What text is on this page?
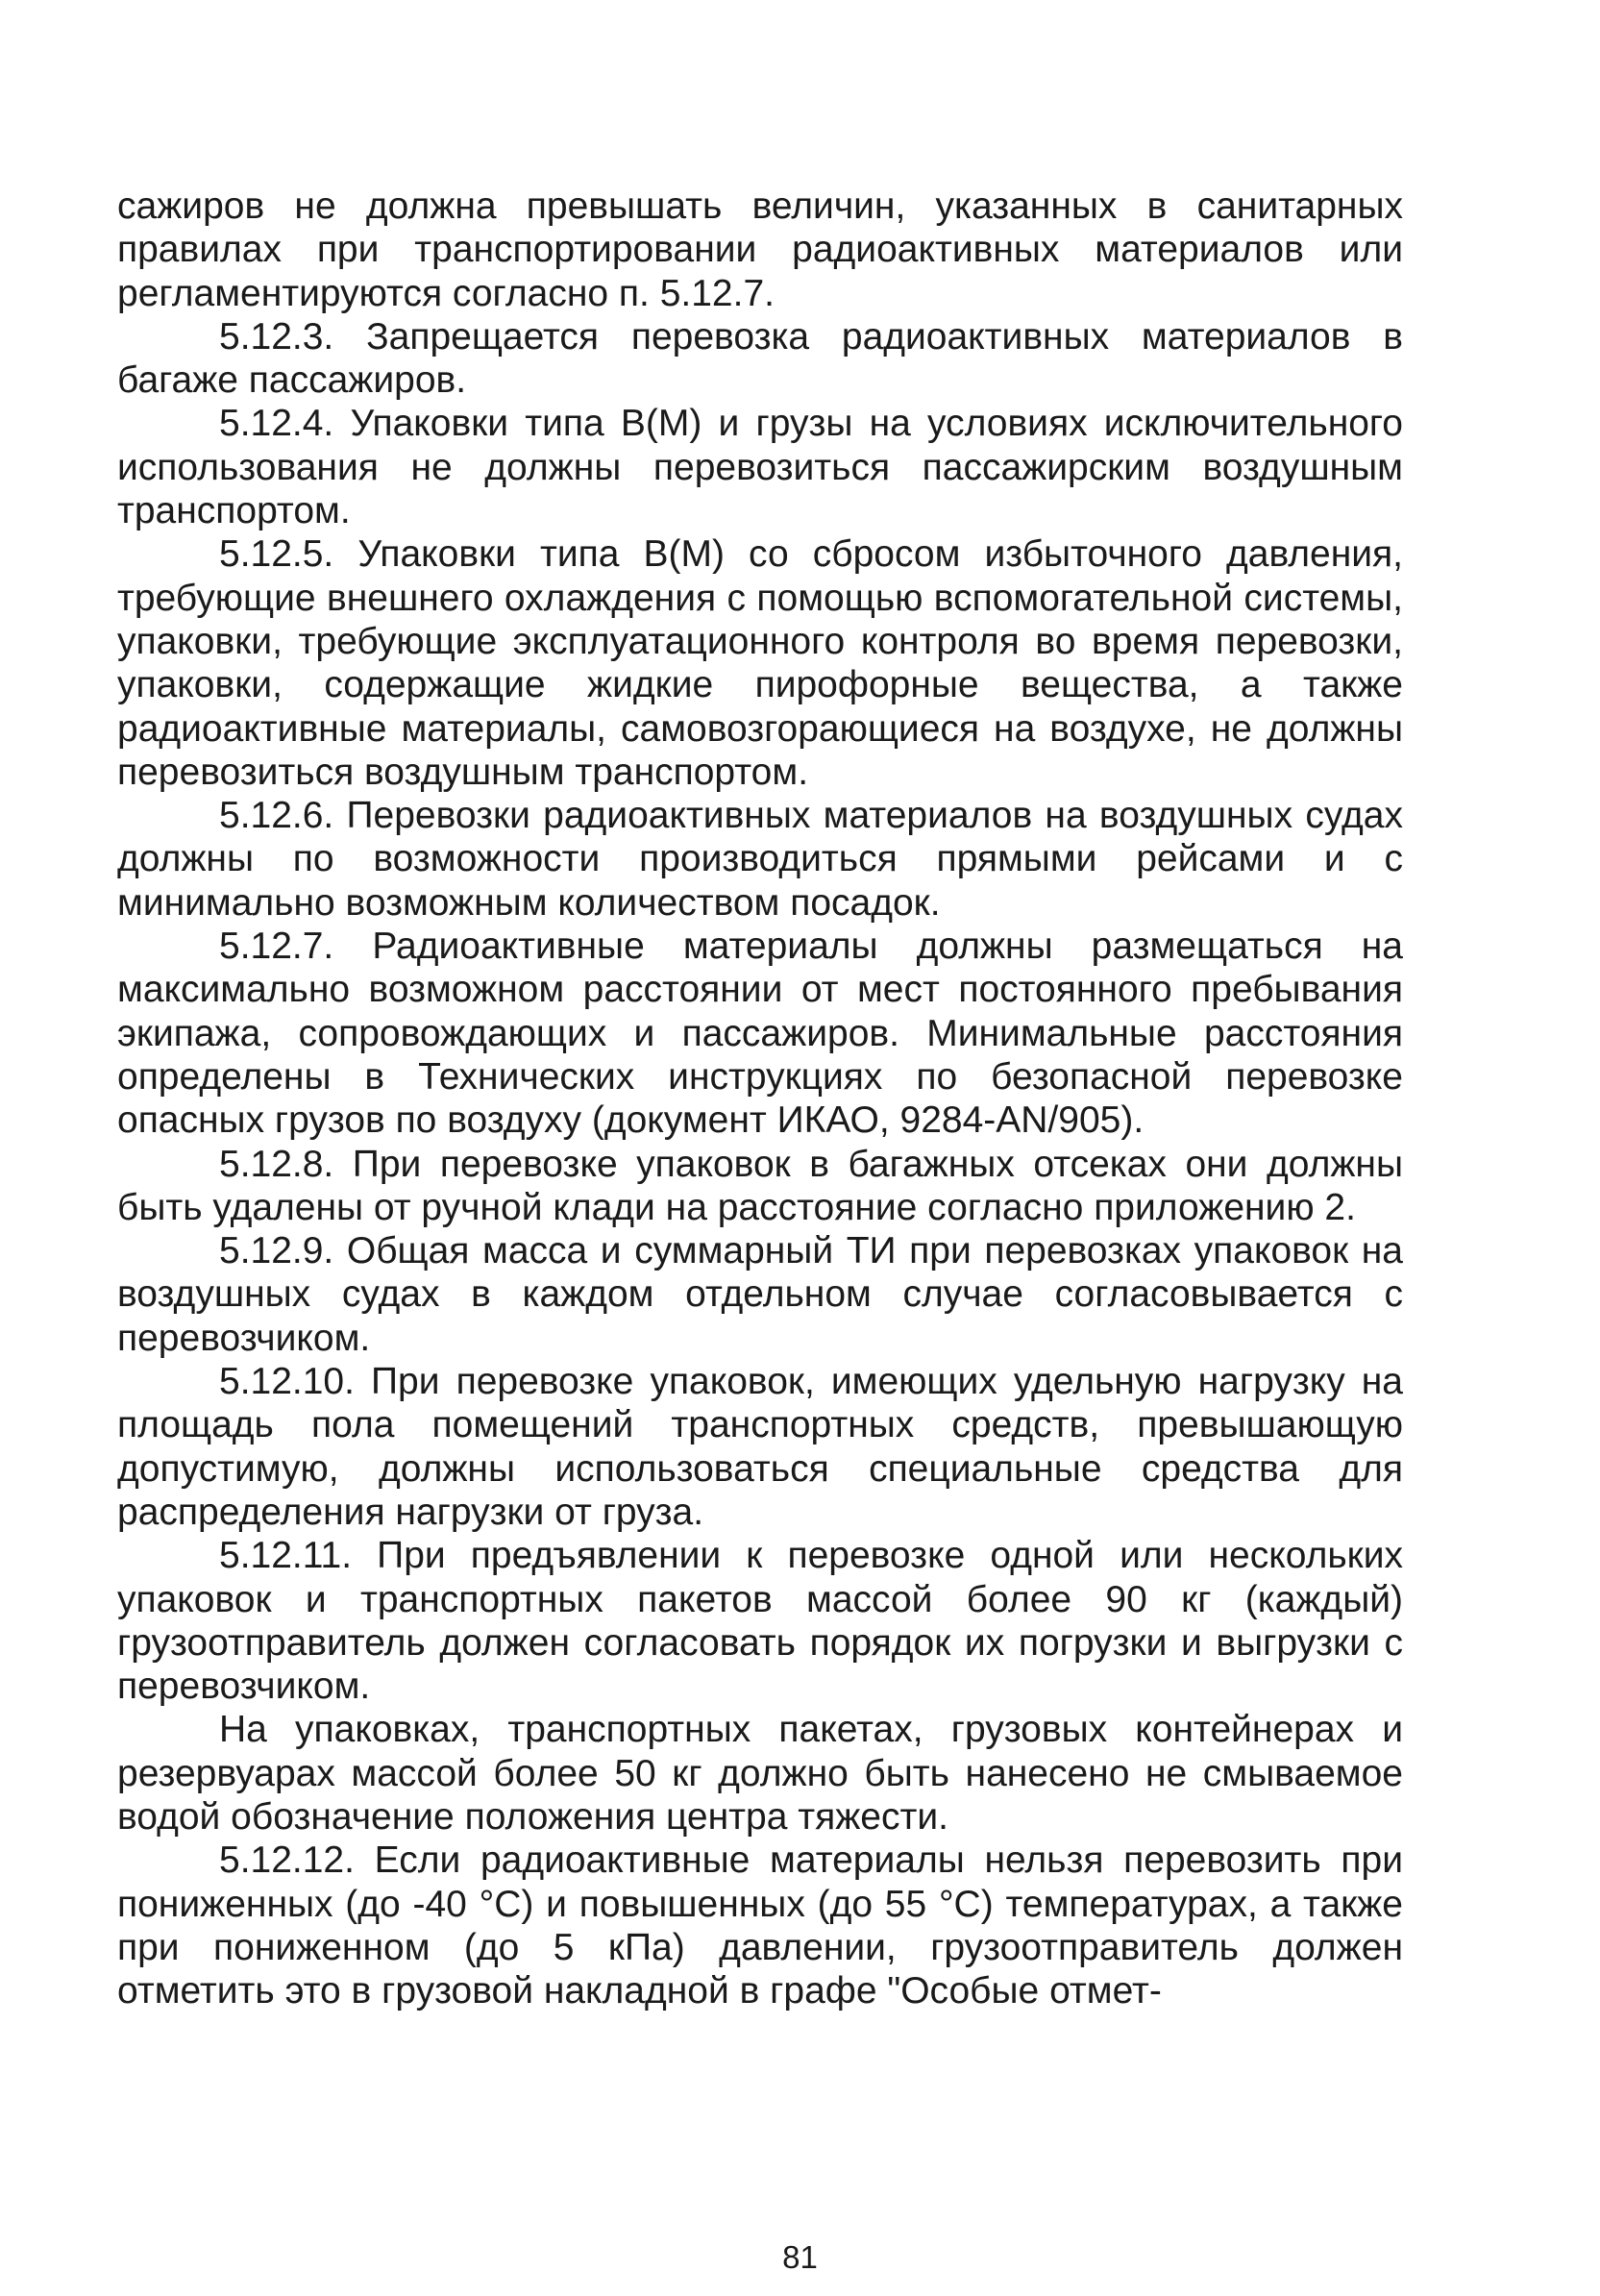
сажиров не должна превышать величин, указанных в санитарных правилах при транспортировании радиоактивных материалов или регламентируются согласно п. 5.12.7.

5.12.3. Запрещается перевозка радиоактивных материалов в багаже пассажиров.

5.12.4. Упаковки типа В(М) и грузы на условиях исключительного использования не должны перевозиться пассажирским воздушным транспортом.

5.12.5. Упаковки типа В(М) со сбросом избыточного давления, требующие внешнего охлаждения с помощью вспомогательной системы, упаковки, требующие эксплуатационного контроля во время перевозки, упаковки, содержащие жидкие пирофорные вещества, а также радиоактивные материалы, самовозгорающиеся на воздухе, не должны перевозиться воздушным транспортом.

5.12.6. Перевозки радиоактивных материалов на воздушных судах должны по возможности производиться прямыми рейсами и с минимально возможным количеством посадок.

5.12.7. Радиоактивные материалы должны размещаться на максимально возможном расстоянии от мест постоянного пребывания экипажа, сопровождающих и пассажиров. Минимальные расстояния определены в Технических инструкциях по безопасной перевозке опасных грузов по воздуху (документ ИКАО, 9284-AN/905).

5.12.8. При перевозке упаковок в багажных отсеках они должны быть удалены от ручной клади на расстояние согласно приложению 2.

5.12.9. Общая масса и суммарный ТИ при перевозках упаковок на воздушных судах в каждом отдельном случае согласовывается с перевозчиком.

5.12.10. При перевозке упаковок, имеющих удельную нагрузку на площадь пола помещений транспортных средств, превышающую допустимую, должны использоваться специальные средства для распределения нагрузки от груза.

5.12.11. При предъявлении к перевозке одной или нескольких упаковок и транспортных пакетов массой более 90 кг (каждый) грузоотправитель должен согласовать порядок их погрузки и выгрузки с перевозчиком.

На упаковках, транспортных пакетах, грузовых контейнерах и резервуарах массой более 50 кг должно быть нанесено не смываемое водой обозначение положения центра тяжести.

5.12.12. Если радиоактивные материалы нельзя перевозить при пониженных (до -40 °С) и повышенных (до 55 °С) температурах, а также при пониженном (до 5 кПа) давлении, грузоотправитель должен отметить это в грузовой накладной в графе "Особые отмет-

81
